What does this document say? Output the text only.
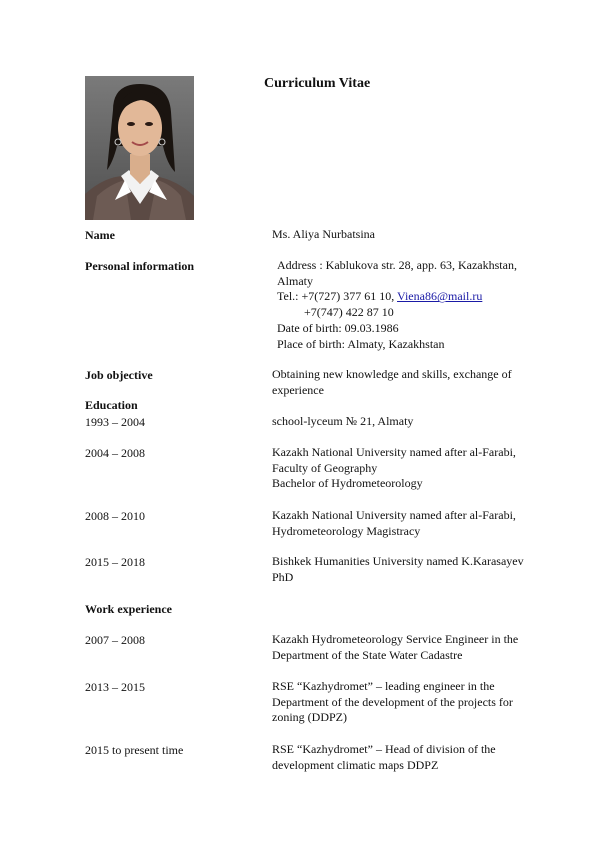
Curriculum Vitae
Name	Ms. Aliya Nurbatsina
Personal information	Address : Kablukova str. 28, app. 63, Kazakhstan,
Almaty
Tel.: +7(727) 377 61 10, Viena86@mail.ru
+7(747) 422 87 10
Date of birth: 09.03.1986
Place of birth: Almaty, Kazakhstan
Job objective	Obtaining new knowledge and skills, exchange of
experience
Education
1993 – 2004	school-lyceum № 21, Almaty
2004 – 2008	Kazakh National University named after al-Farabi,
Faculty of Geography
Bachelor of Hydrometeorology
2008 – 2010	Kazakh National University named after al-Farabi,
Hydrometeorology Magistracy
2015 – 2018	Bishkek Humanities University named K.Karasayev
PhD
Work experience
2007 – 2008	Kazakh Hydrometeorology Service Engineer in the
Department of the State Water Cadastre
2013 – 2015	RSE “Kazhydromet” – leading engineer in the
Department of the development of the projects for
zoning (DDPZ)
2015 to present time	RSE “Kazhydromet” – Head of division of the
development climatic maps DDPZ
